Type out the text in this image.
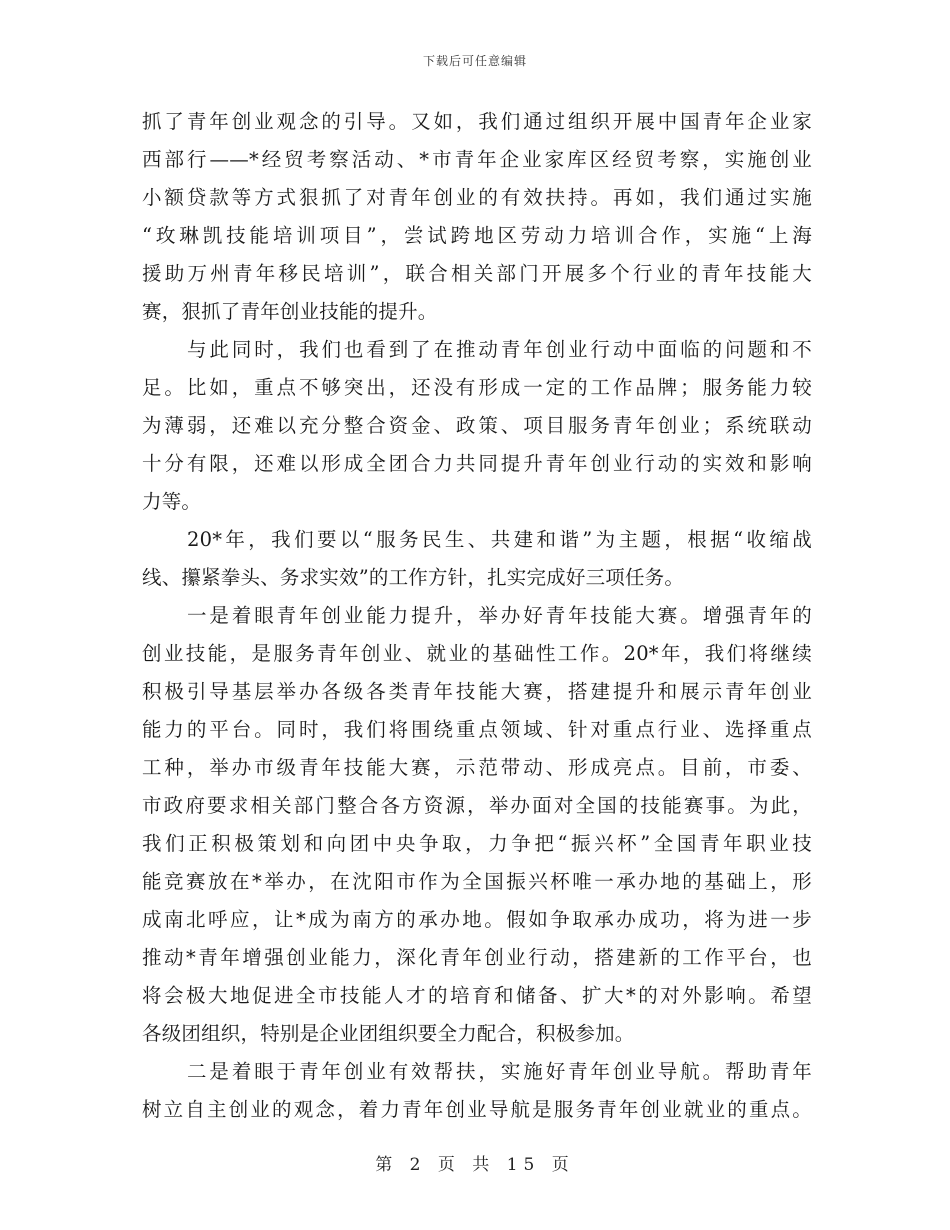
下载后可任意编辑
抓了青年创业观念的引导。又如，我们通过组织开展中国青年企业家
西部行——*经贸考察活动、*市青年企业家库区经贸考察，实施创业
小额贷款等方式狠抓了对青年创业的有效扶持。再如，我们通过实施
“玫琳凯技能培训项目”，尝试跨地区劳动力培训合作，实施“上海
援助万州青年移民培训”，联合相关部门开展多个行业的青年技能大
赛，狠抓了青年创业技能的提升。
与此同时，我们也看到了在推动青年创业行动中面临的问题和不
足。比如，重点不够突出，还没有形成一定的工作品牌；服务能力较
为薄弱，还难以充分整合资金、政策、项目服务青年创业；系统联动
十分有限，还难以形成全团合力共同提升青年创业行动的实效和影响
力等。
20*年，我们要以“服务民生、共建和谐”为主题，根据“收缩战
线、攥紧拳头、务求实效”的工作方针，扎实完成好三项任务。
一是着眼青年创业能力提升，举办好青年技能大赛。增强青年的
创业技能，是服务青年创业、就业的基础性工作。20*年，我们将继续
积极引导基层举办各级各类青年技能大赛，搭建提升和展示青年创业
能力的平台。同时，我们将围绕重点领域、针对重点行业、选择重点
工种，举办市级青年技能大赛，示范带动、形成亮点。目前，市委、
市政府要求相关部门整合各方资源，举办面对全国的技能赛事。为此，
我们正积极策划和向团中央争取，力争把“振兴杯”全国青年职业技
能竞赛放在*举办，在沈阳市作为全国振兴杯唯一承办地的基础上，形
成南北呼应，让*成为南方的承办地。假如争取承办成功，将为进一步
推动*青年增强创业能力，深化青年创业行动，搭建新的工作平台，也
将会极大地促进全市技能人才的培育和储备、扩大*的对外影响。希望
各级团组织，特别是企业团组织要全力配合，积极参加。
二是着眼于青年创业有效帮扶，实施好青年创业导航。帮助青年
树立自主创业的观念，着力青年创业导航是服务青年创业就业的重点。
第 2 页 共 15 页
